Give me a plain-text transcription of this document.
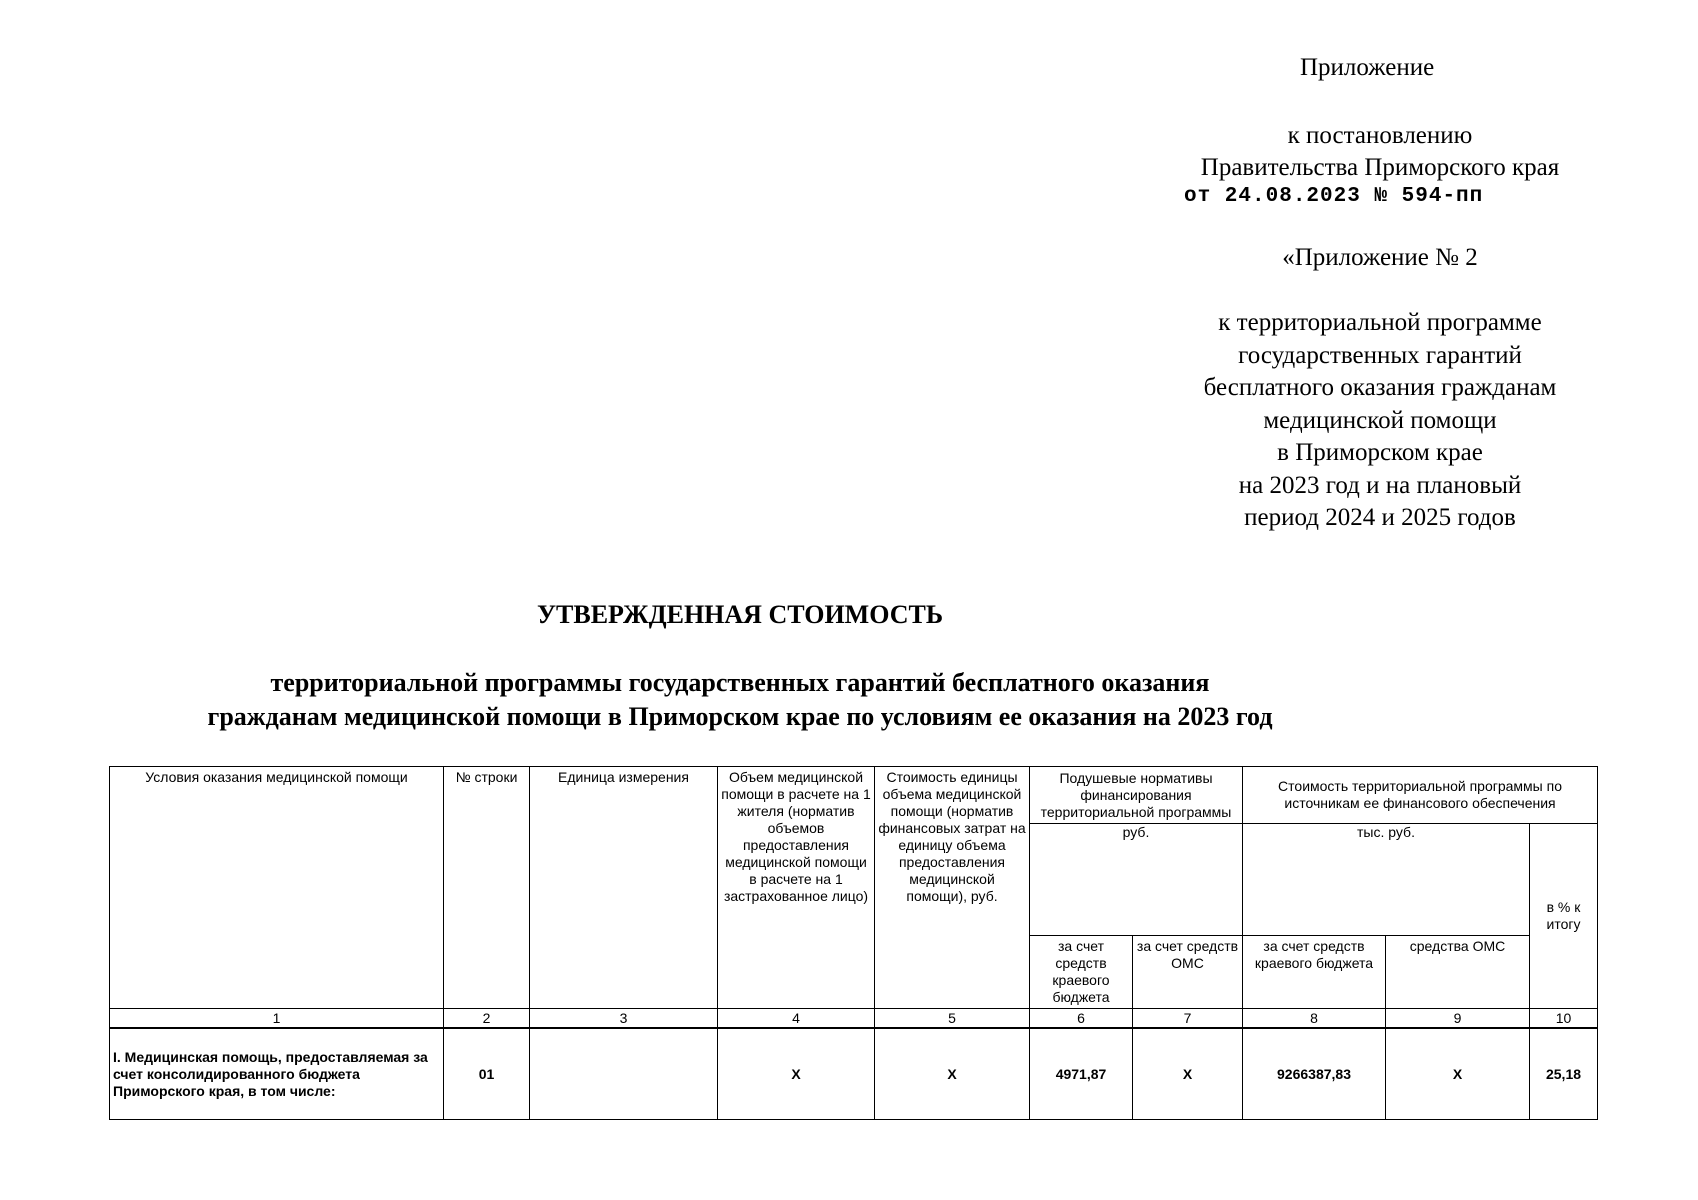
Приложение
к постановлению
Правительства Приморского края
от 24.08.2023 № 594-пп
«Приложение № 2
к территориальной программе
государственных гарантий
бесплатного оказания гражданам
медицинской помощи
в Приморском крае
на 2023 год и на плановый
период 2024 и 2025 годов
УТВЕРЖДЕННАЯ СТОИМОСТЬ
территориальной программы государственных гарантий бесплатного оказания
гражданам медицинской помощи в Приморском крае по условиям ее оказания на 2023 год
Условия оказания медицинской помощи	№ строки	Единица измерения	Объем медицинской помощи в расчете на 1 жителя (норматив объемов предоставления медицинской помощи в расчете на 1 застрахованное лицо)	Стоимость единицы объема медицинской помощи (норматив финансовых затрат на единицу объема предоставления медицинской помощи), руб.	Подушевые нормативы финансирования территориальной программы		Стоимость территориальной программы по источникам ее финансового обеспечения		
					руб.		тыс. руб.		в % к итогу
					за счет средств краевого бюджета	за счет средств ОМС	за счет средств краевого бюджета	средства ОМС	
1	2	3	4	5	6	7	8	9	10
I. Медицинская помощь, предоставляемая за счет консолидированного бюджета Приморского края, в том числе:	01		Х	Х	4971,87	Х	9266387,83	Х	25,18
